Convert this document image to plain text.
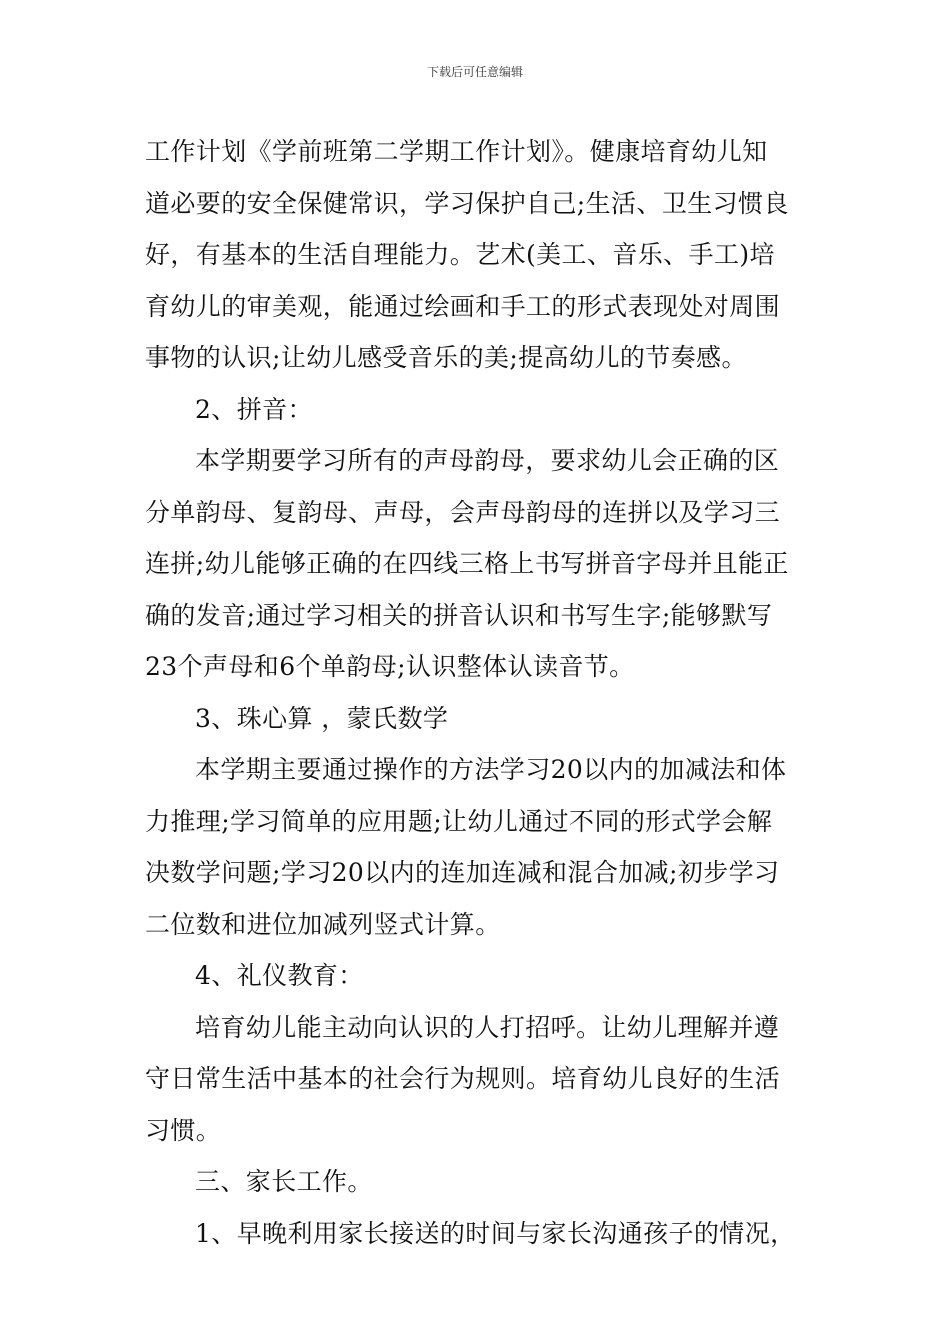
下载后可任意编辑
工作计划《学前班第二学期工作计划》。健康培育幼儿知
道必要的安全保健常识，学习保护自己;生活、卫生习惯良
好，有基本的生活自理能力。艺术(美工、音乐、手工)培
育幼儿的审美观，能通过绘画和手工的形式表现处对周围
事物的认识;让幼儿感受音乐的美;提高幼儿的节奏感。
2、拼音：
本学期要学习所有的声母韵母，要求幼儿会正确的区
分单韵母、复韵母、声母，会声母韵母的连拼以及学习三
连拼;幼儿能够正确的在四线三格上书写拼音字母并且能正
确的发音;通过学习相关的拼音认识和书写生字;能够默写
23个声母和6个单韵母;认识整体认读音节。
3、珠心算 ，蒙氏数学
本学期主要通过操作的方法学习20以内的加减法和体
力推理;学习简单的应用题;让幼儿通过不同的形式学会解
决数学问题;学习20以内的连加连减和混合加减;初步学习
二位数和进位加减列竖式计算。
4、礼仪教育：
培育幼儿能主动向认识的人打招呼。让幼儿理解并遵
守日常生活中基本的社会行为规则。培育幼儿良好的生活
习惯。
三、家长工作。
1、早晚利用家长接送的时间与家长沟通孩子的情况，
